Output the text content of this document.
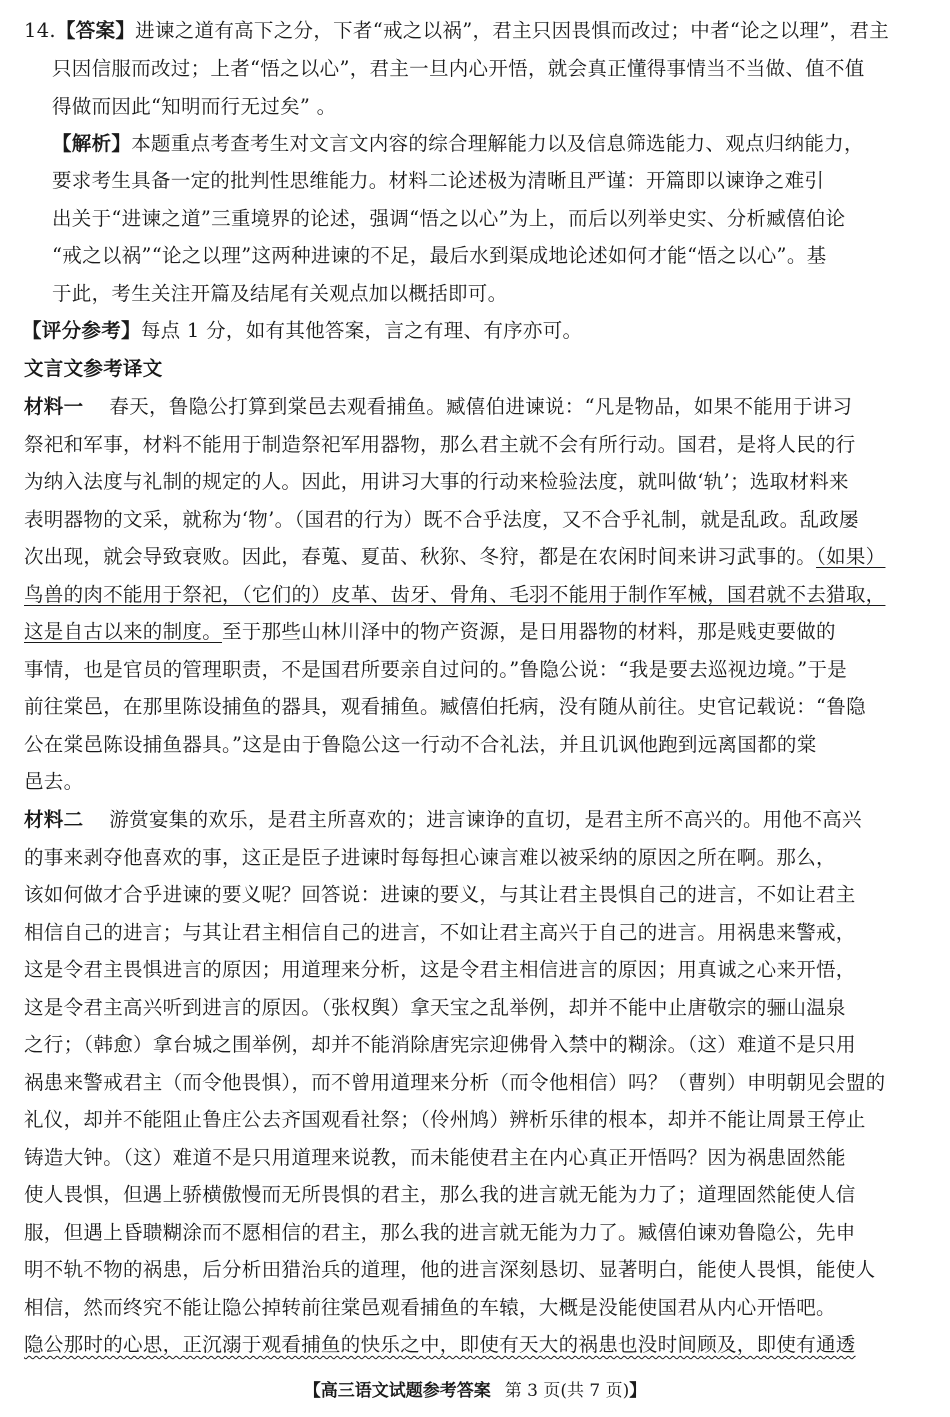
14.【答案】进谏之道有高下之分，下者“戒之以祸”，君主只因畏惧而改过；中者“论之以理”，君主
只因信服而改过；上者“悟之以心”，君主一旦内心开悟，就会真正懂得事情当不当做、值不值
得做而因此“知明而行无过矣” 。
【解析】本题重点考查考生对文言文内容的综合理解能力以及信息筛选能力、观点归纳能力，
要求考生具备一定的批判性思维能力。材料二论述极为清晰且严谨：开篇即以谏诤之难引
出关于“进谏之道”三重境界的论述，强调“悟之以心”为上，而后以列举史实、分析臧僖伯论
“戒之以祸”“论之以理”这两种进谏的不足，最后水到渠成地论述如何才能“悟之以心”。基
于此，考生关注开篇及结尾有关观点加以概括即可。
【评分参考】每点 1 分，如有其他答案，言之有理、有序亦可。
文言文参考译文
材料一 春天，鲁隐公打算到棠邑去观看捕鱼。臧僖伯进谏说：“凡是物品，如果不能用于讲习
祭祀和军事，材料不能用于制造祭祀军用器物，那么君主就不会有所行动。国君，是将人民的行
为纳入法度与礼制的规定的人。因此，用讲习大事的行动来检验法度，就叫做‘轨’；选取材料来
表明器物的文采，就称为‘物’。（国君的行为）既不合乎法度，又不合乎礼制，就是乱政。乱政屡
次出现，就会导致衰败。因此，春蒐、夏苗、秋狝、冬狩，都是在农闲时间来讲习武事的。（如果）
鸟兽的肉不能用于祭祀，（它们的）皮革、齿牙、骨角、毛羽不能用于制作军械，国君就不去猎取，
这是自古以来的制度。至于那些山林川泽中的物产资源，是日用器物的材料，那是贱吏要做的
事情，也是官员的管理职责，不是国君所要亲自过问的。”鲁隐公说：“我是要去巡视边境。”于是
前往棠邑，在那里陈设捕鱼的器具，观看捕鱼。臧僖伯托病，没有随从前往。史官记载说：“鲁隐
公在棠邑陈设捕鱼器具。”这是由于鲁隐公这一行动不合礼法，并且讥讽他跑到远离国都的棠
邑去。
材料二 游赏宴集的欢乐，是君主所喜欢的；进言谏诤的直切，是君主所不高兴的。用他不高兴
的事来剥夺他喜欢的事，这正是臣子进谏时每每担心谏言难以被采纳的原因之所在啊。那么，
该如何做才合乎进谏的要义呢？回答说：进谏的要义，与其让君主畏惧自己的进言，不如让君主
相信自己的进言；与其让君主相信自己的进言，不如让君主高兴于自己的进言。用祸患来警戒，
这是令君主畏惧进言的原因；用道理来分析，这是令君主相信进言的原因；用真诚之心来开悟，
这是令君主高兴听到进言的原因。（张权舆）拿天宝之乱举例，却并不能中止唐敬宗的骊山温泉
之行；（韩愈）拿台城之围举例，却并不能消除唐宪宗迎佛骨入禁中的糊涂。（这）难道不是只用
祸患来警戒君主（而令他畏惧），而不曾用道理来分析（而令他相信）吗？（曹刿）申明朝见会盟的
礼仪，却并不能阻止鲁庄公去齐国观看社祭；（伶州鸠）辨析乐律的根本，却并不能让周景王停止
铸造大钟。（这）难道不是只用道理来说教，而未能使君主在内心真正开悟吗？因为祸患固然能
使人畏惧，但遇上骄横傲慢而无所畏惧的君主，那么我的进言就无能为力了；道理固然能使人信
服，但遇上昏聩糊涂而不愿相信的君主，那么我的进言就无能为力了。臧僖伯谏劝鲁隐公，先申
明不轨不物的祸患，后分析田猎治兵的道理，他的进言深刻恳切、显著明白，能使人畏惧，能使人
相信，然而终究不能让隐公掉转前往棠邑观看捕鱼的车辕，大概是没能使国君从内心开悟吧。
隐公那时的心思，正沉溺于观看捕鱼的快乐之中，即使有天大的祸患也没时间顾及，即使有通透
【高三语文试题参考答案 第 3 页(共 7 页)】
